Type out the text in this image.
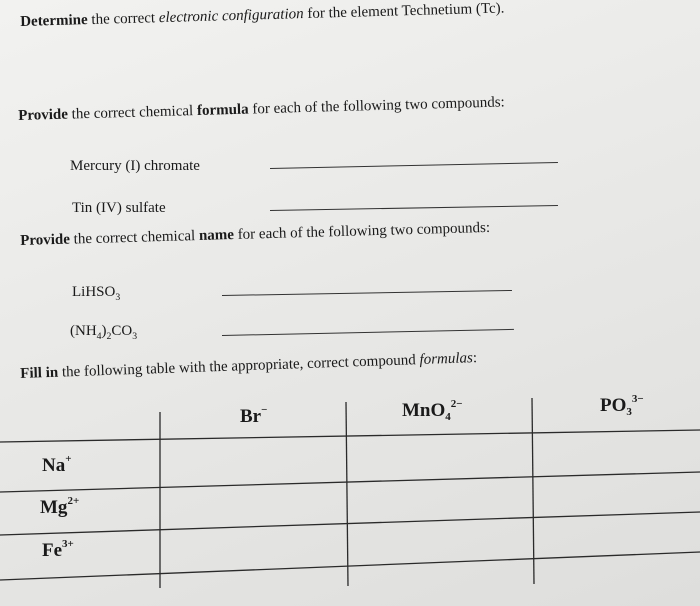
Determine the correct electronic configuration for the element Technetium (Tc).
Provide the correct chemical formula for each of the following two compounds:
Mercury (I) chromate
Tin (IV) sulfate
Provide the correct chemical name for each of the following two compounds:
LiHSO$_3$
$(NH_4)_2CO_3$
Fill in the following table with the appropriate, correct compound formulas:
Br−	MnO$_4^{2-}$	$PO_3^{3-}$
Na+
$Mg^{2+}$
$Fe^{3+}$
